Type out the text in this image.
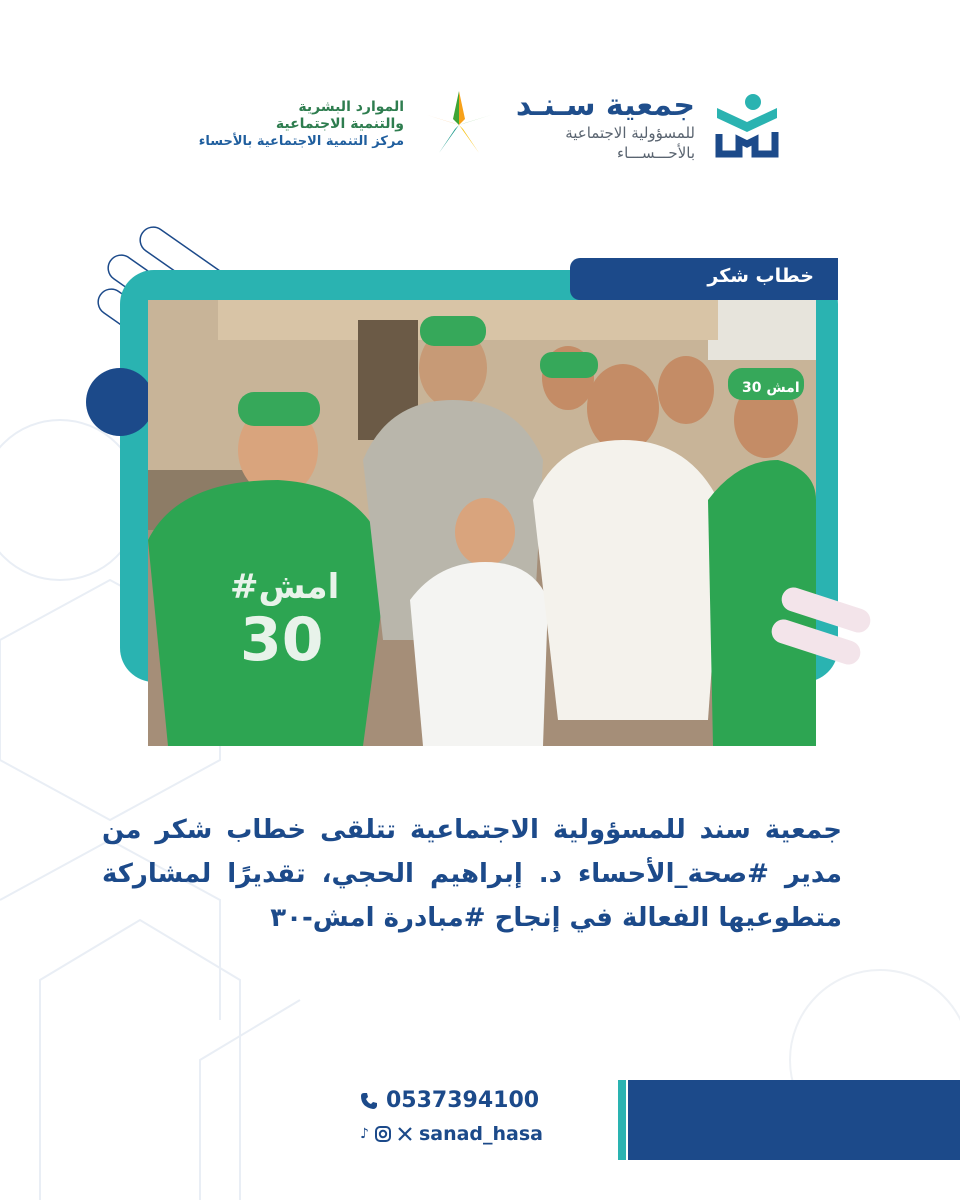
جمعية سـنـد
للمسؤولية الاجتماعية
بالأحـــســـاء
الموارد البشرية
والتنمية الاجتماعية
مركز التنمية الاجتماعية بالأحساء
#امش
30
امش 30
خطاب شكر
جمعية سند للمسؤولية الاجتماعية تتلقى خطاب شكر من مدير #صحة_الأحساء د. إبراهيم الحجي، تقديرًا لمشاركة متطوعيها الفعالة في إنجاح #مبادرة امش-٣٠
0537394100
♪	sanad_hasa
